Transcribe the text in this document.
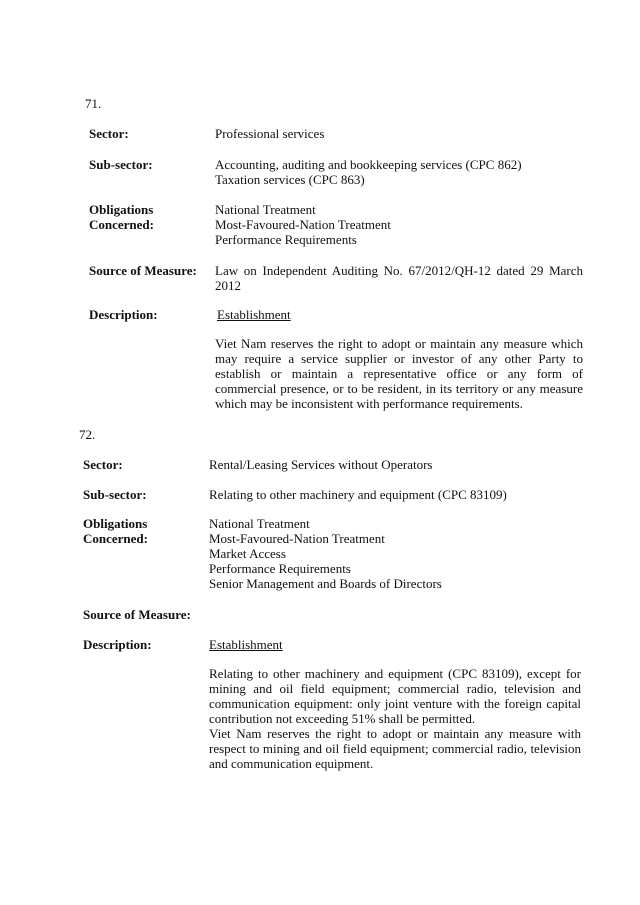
71.
Sector:	Professional services
Sub-sector:	Accounting, auditing and bookkeeping services (CPC 862)
Taxation services (CPC 863)
Obligations
Concerned:
National Treatment
Most-Favoured-Nation Treatment
Performance Requirements
Source of Measure:	Law on Independent Auditing No. 67/2012/QH-12 dated 29 March 2012
Description:	Establishment
Viet Nam reserves the right to adopt or maintain any measure which may require a service supplier or investor of any other Party to establish or maintain a representative office or any form of commercial presence, or to be resident, in its territory or any measure which may be inconsistent with performance requirements.
72.
Sector:	Rental/Leasing Services without Operators
Sub-sector:	Relating to other machinery and equipment (CPC 83109)
Obligations
Concerned:
National Treatment
Most-Favoured-Nation Treatment
Market Access
Performance Requirements
Senior Management and Boards of Directors
Source of Measure:
Description:	Establishment
Relating to other machinery and equipment (CPC 83109), except for mining and oil field equipment; commercial radio, television and communication equipment: only joint venture with the foreign capital contribution not exceeding 51% shall be permitted.
Viet Nam reserves the right to adopt or maintain any measure with respect to mining and oil field equipment; commercial radio, television and communication equipment.
